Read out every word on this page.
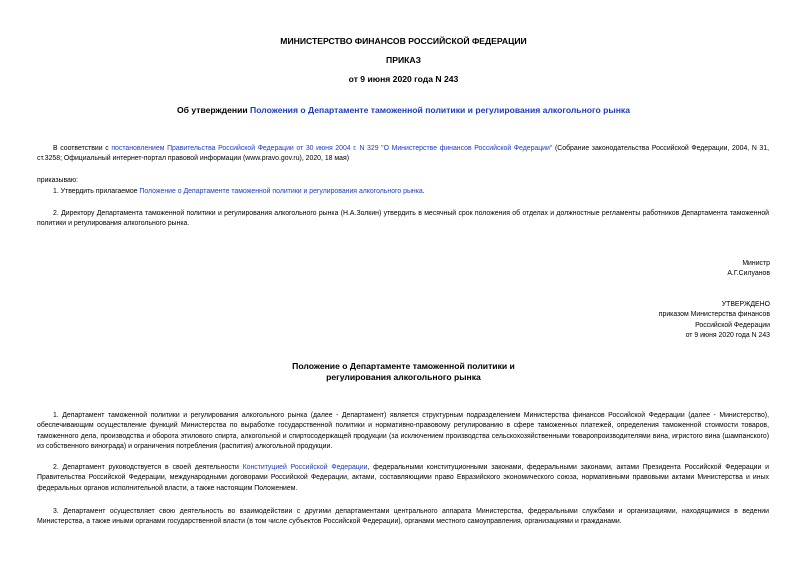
МИНИСТЕРСТВО ФИНАНСОВ РОССИЙСКОЙ ФЕДЕРАЦИИ
ПРИКАЗ
от 9 июня 2020 года N 243
Об утверждении Положения о Департаменте таможенной политики и регулирования алкогольного рынка
В соответствии с постановлением Правительства Российской Федерации от 30 июня 2004 г. N 329 "О Министерстве финансов Российской Федерации" (Собрание законодательства Российской Федерации, 2004, N 31, ст.3258; Официальный интернет-портал правовой информации (www.pravo.gov.ru), 2020, 18 мая)
приказываю:
1. Утвердить прилагаемое Положение о Департаменте таможенной политики и регулирования алкогольного рынка.
2. Директору Департамента таможенной политики и регулирования алкогольного рынка (Н.А.Золкин) утвердить в месячный срок положения об отделах и должностные регламенты работников Департамента таможенной политики и регулирования алкогольного рынка.
Министр
А.Г.Силуанов
УТВЕРЖДЕНО
приказом Министерства финансов
Российской Федерации
от 9 июня 2020 года N 243
Положение о Департаменте таможенной политики и
регулирования алкогольного рынка
1. Департамент таможенной политики и регулирования алкогольного рынка (далее - Департамент) является структурным подразделением Министерства финансов Российской Федерации (далее - Министерство), обеспечивающим осуществление функций Министерства по выработке государственной политики и нормативно-правовому регулированию в сфере таможенных платежей, определения таможенной стоимости товаров, таможенного дела, производства и оборота этилового спирта, алкогольной и спиртосодержащей продукции (за исключением производства сельскохозяйственными товаропроизводителями вина, игристого вина (шампанского) из собственного винограда) и ограничения потребления (распития) алкогольной продукции.
2. Департамент руководствуется в своей деятельности Конституцией Российской Федерации, федеральными конституционными законами, федеральными законами, актами Президента Российской Федерации и Правительства Российской Федерации, международными договорами Российской Федерации, актами, составляющими право Евразийского экономического союза, нормативными правовыми актами Министерства и иных федеральных органов исполнительной власти, а также настоящим Положением.
3. Департамент осуществляет свою деятельность во взаимодействии с другими департаментами центрального аппарата Министерства, федеральными службами и организациями, находящимися в ведении Министерства, а также иными органами государственной власти (в том числе субъектов Российской Федерации), органами местного самоуправления, организациями и гражданами.
